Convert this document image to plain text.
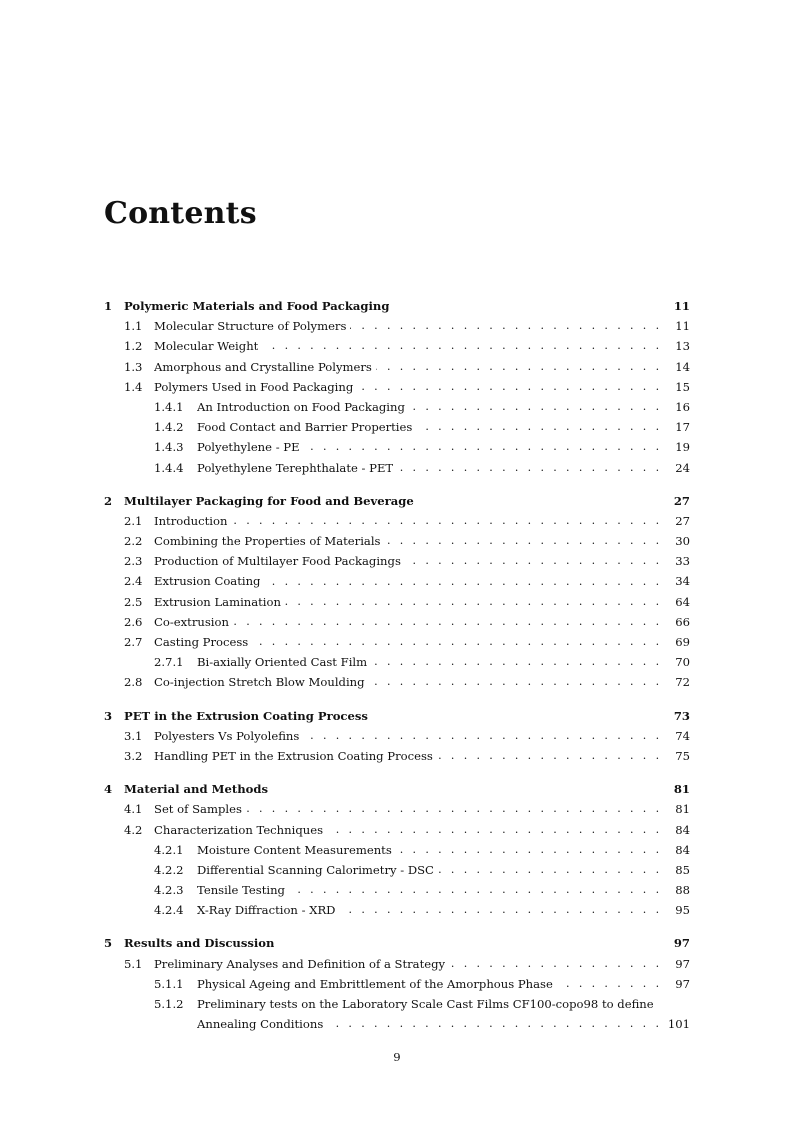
Contents
1	Polymeric Materials and Food Packaging	11
1.1 Molecular Structure of Polymers . . .	11
1.2 Molecular Weight . . .	13
1.3 Amorphous and Crystalline Polymers . . .	14
1.4 Polymers Used in Food Packaging . . .	15
1.4.1	An Introduction on Food Packaging . . .	16
1.4.2	Food Contact and Barrier Properties . . .	17
1.4.3	Polyethylene - PE . . .	19
1.4.4	Polyethylene Terephthalate - PET . . .	24
2	Multilayer Packaging for Food and Beverage	27
2.1 Introduction . . .	27
2.2 Combining the Properties of Materials . . .	30
2.3 Production of Multilayer Food Packagings . . .	33
2.4 Extrusion Coating . . .	34
2.5 Extrusion Lamination . . .	64
2.6 Co-extrusion . . .	66
2.7 Casting Process . . .	69
2.7.1	Bi-axially Oriented Cast Film . . .	70
2.8 Co-injection Stretch Blow Moulding . . .	72
3	PET in the Extrusion Coating Process	73
3.1 Polyesters Vs Polyolefins . . .	74
3.2 Handling PET in the Extrusion Coating Process . . .	75
4	Material and Methods	81
4.1 Set of Samples . . .	81
4.2 Characterization Techniques . . .	84
4.2.1	Moisture Content Measurements . . .	84
4.2.2	Differential Scanning Calorimetry - DSC . . .	85
4.2.3	Tensile Testing . . .	88
4.2.4	X-Ray Diffraction - XRD . . .	95
5	Results and Discussion	97
5.1 Preliminary Analyses and Definition of a Strategy . . .	97
5.1.1	Physical Ageing and Embrittlement of the Amorphous Phase . . .	97
5.1.2	Preliminary tests on the Laboratory Scale Cast Films CF100-copo98 to define
Annealing Conditions . . .	101
9
